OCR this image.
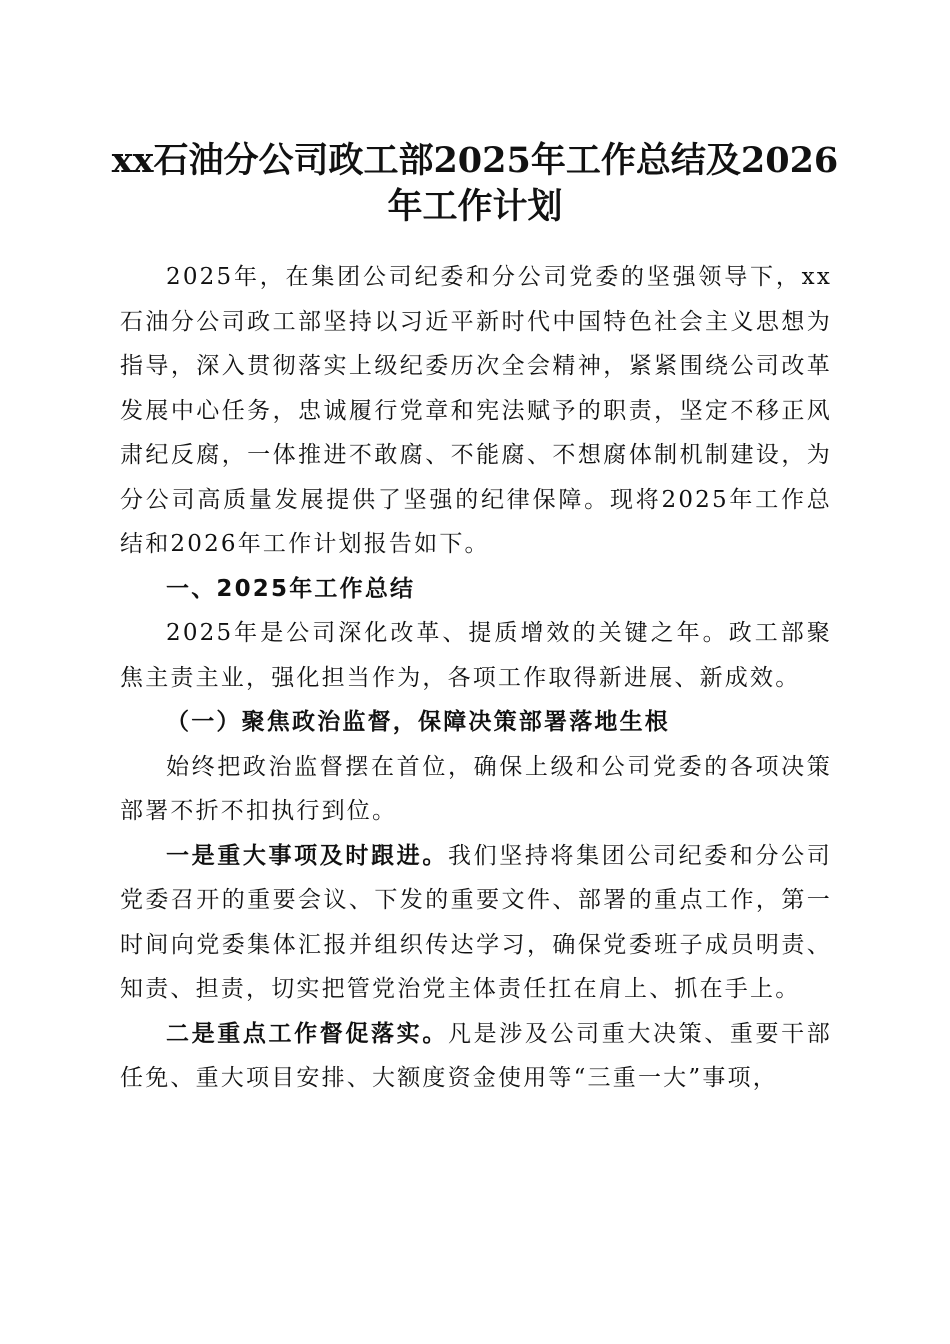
xx石油分公司政工部2025年工作总结及2026
年工作计划

2025年，在集团公司纪委和分公司党委的坚强领导下，xx石油分公司政工部坚持以习近平新时代中国特色社会主义思想为指导，深入贯彻落实上级纪委历次全会精神，紧紧围绕公司改革发展中心任务，忠诚履行党章和宪法赋予的职责，坚定不移正风肃纪反腐，一体推进不敢腐、不能腐、不想腐体制机制建设，为分公司高质量发展提供了坚强的纪律保障。现将2025年工作总结和2026年工作计划报告如下。

一、2025年工作总结

2025年是公司深化改革、提质增效的关键之年。政工部聚焦主责主业，强化担当作为，各项工作取得新进展、新成效。

（一）聚焦政治监督，保障决策部署落地生根

始终把政治监督摆在首位，确保上级和公司党委的各项决策部署不折不扣执行到位。

一是重大事项及时跟进。我们坚持将集团公司纪委和分公司党委召开的重要会议、下发的重要文件、部署的重点工作，第一时间向党委集体汇报并组织传达学习，确保党委班子成员明责、知责、担责，切实把管党治党主体责任扛在肩上、抓在手上。

二是重点工作督促落实。凡是涉及公司重大决策、重要干部任免、重大项目安排、大额度资金使用等“三重一大”事项，
